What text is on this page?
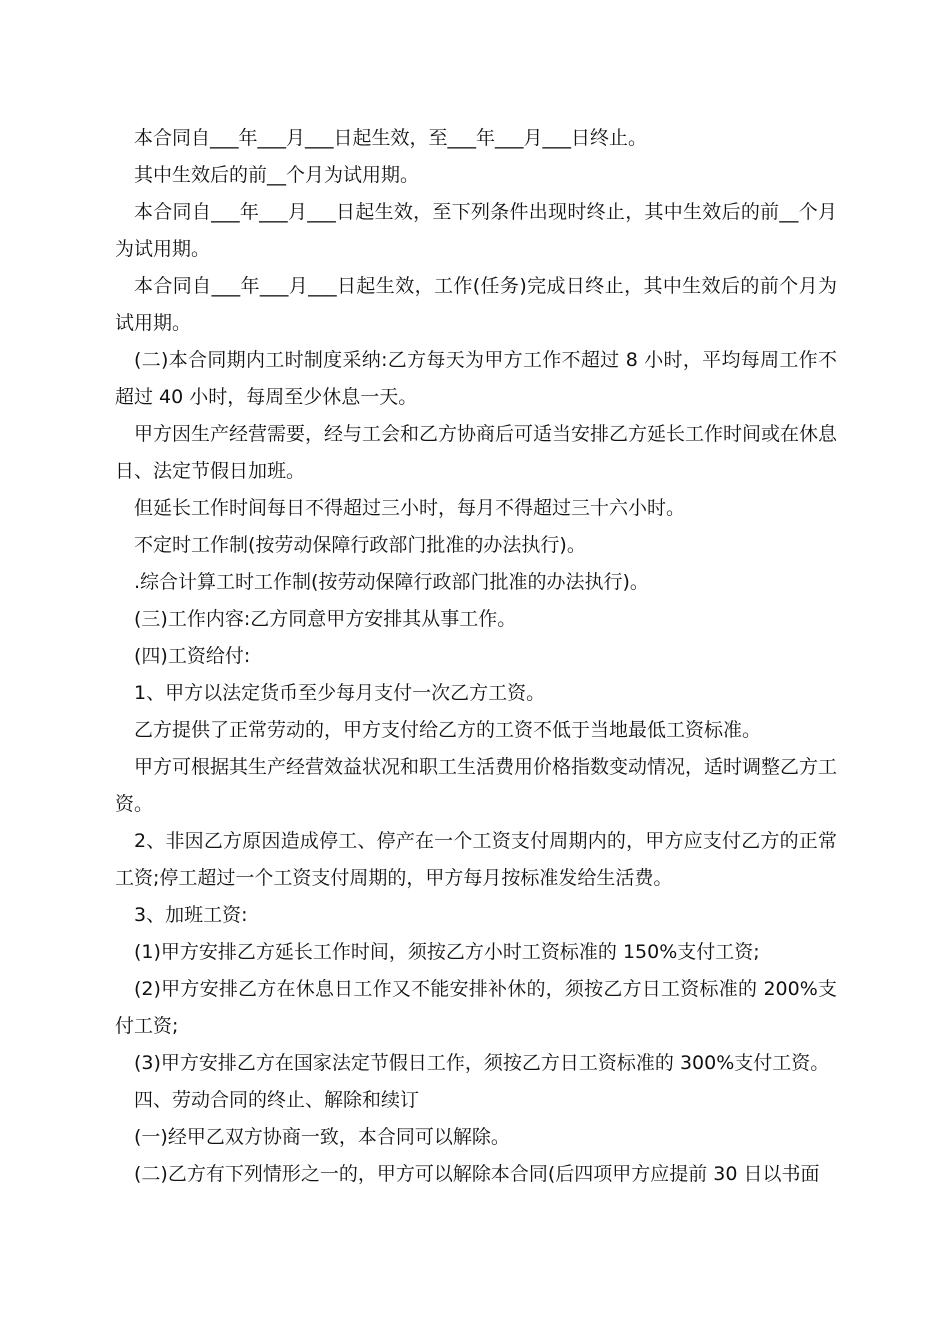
本合同自___年___月___日起生效，至___年___月___日终止。

其中生效后的前__个月为试用期。

本合同自___年___月___日起生效，至下列条件出现时终止，其中生效后的前__个月为试用期。

本合同自___年___月___日起生效，工作(任务)完成日终止，其中生效后的前个月为试用期。

(二)本合同期内工时制度采纳:乙方每天为甲方工作不超过 8 小时，平均每周工作不超过 40 小时，每周至少休息一天。

甲方因生产经营需要，经与工会和乙方协商后可适当安排乙方延长工作时间或在休息日、法定节假日加班。

但延长工作时间每日不得超过三小时，每月不得超过三十六小时。

不定时工作制(按劳动保障行政部门批准的办法执行)。

.综合计算工时工作制(按劳动保障行政部门批准的办法执行)。

(三)工作内容:乙方同意甲方安排其从事工作。

(四)工资给付:

1、甲方以法定货币至少每月支付一次乙方工资。

乙方提供了正常劳动的，甲方支付给乙方的工资不低于当地最低工资标准。

甲方可根据其生产经营效益状况和职工生活费用价格指数变动情况，适时调整乙方工资。

2、非因乙方原因造成停工、停产在一个工资支付周期内的，甲方应支付乙方的正常工资;停工超过一个工资支付周期的，甲方每月按标准发给生活费。

3、加班工资:

(1)甲方安排乙方延长工作时间，须按乙方小时工资标准的 150%支付工资;

(2)甲方安排乙方在休息日工作又不能安排补休的，须按乙方日工资标准的 200%支付工资;

(3)甲方安排乙方在国家法定节假日工作，须按乙方日工资标准的 300%支付工资。

四、劳动合同的终止、解除和续订

(一)经甲乙双方协商一致，本合同可以解除。

(二)乙方有下列情形之一的，甲方可以解除本合同(后四项甲方应提前 30 日以书面
